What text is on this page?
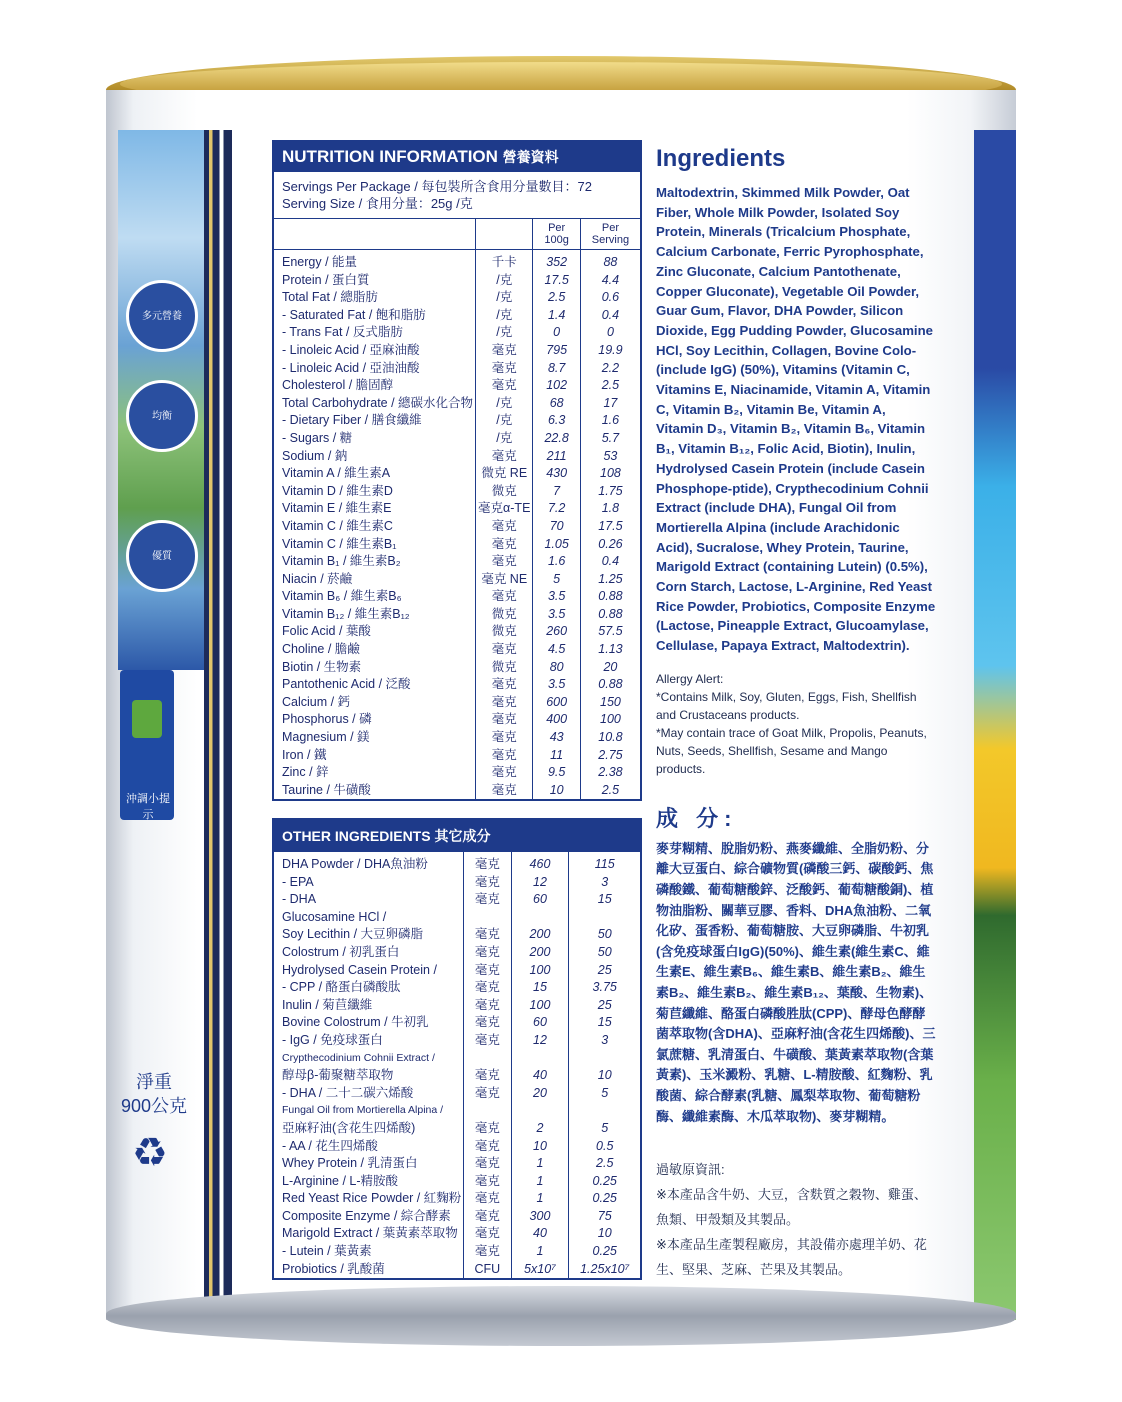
多元營養
均衡
優質
沖調小提示
淨重
900公克
♻
NUTRITION INFORMATION 營養資料
Servings Per Package / 每包裝所含食用分量數目：72
Serving Size / 食用分量：25g /克
		Per 100g	Per Serving
Energy / 能量	千卡	352	88
Protein / 蛋白質	/克	17.5	4.4
Total Fat / 總脂肪	/克	2.5	0.6
- Saturated Fat / 飽和脂肪	/克	1.4	0.4
- Trans Fat / 反式脂肪	/克	0	0
- Linoleic Acid / 亞麻油酸	毫克	795	19.9
- Linoleic Acid / 亞油油酸	毫克	8.7	2.2
Cholesterol / 膽固醇	毫克	102	2.5
Total Carbohydrate / 總碳水化合物	/克	68	17
- Dietary Fiber / 膳食纖維	/克	6.3	1.6
- Sugars / 糖	/克	22.8	5.7
Sodium / 鈉	毫克	211	53
Vitamin A / 維生素A	微克 RE	430	108
Vitamin D / 維生素D	微克	7	1.75
Vitamin E / 維生素E	毫克α-TE	7.2	1.8
Vitamin C / 維生素C	毫克	70	17.5
Vitamin C / 維生素B₁	毫克	1.05	0.26
Vitamin B₁ / 維生素B₂	毫克	1.6	0.4
Niacin / 菸鹼	毫克 NE	5	1.25
Vitamin B₆ / 維生素B₆	毫克	3.5	0.88
Vitamin B₁₂ / 維生素B₁₂	微克	3.5	0.88
Folic Acid / 葉酸	微克	260	57.5
Choline / 膽鹼	毫克	4.5	1.13
Biotin / 生物素	微克	80	20
Pantothenic Acid / 泛酸	毫克	3.5	0.88
Calcium / 鈣	毫克	600	150
Phosphorus / 磷	毫克	400	100
Magnesium / 鎂	毫克	43	10.8
Iron / 鐵	毫克	11	2.75
Zinc / 鋅	毫克	9.5	2.38
Taurine / 牛磺酸	毫克	10	2.5
OTHER INGREDIENTS 其它成分
DHA Powder / DHA魚油粉	毫克	460	115
- EPA	毫克	12	3
- DHA	毫克	60	15
Glucosamine HCl /			
Soy Lecithin / 大豆卵磷脂	毫克	200	50
Colostrum / 初乳蛋白	毫克	200	50
Hydrolysed Casein Protein /	毫克	100	25
- CPP / 酪蛋白磷酸肽	毫克	15	3.75
Inulin / 菊苣纖維	毫克	100	25
Bovine Colostrum / 牛初乳	毫克	60	15
- IgG / 免疫球蛋白	毫克	12	3
Crypthecodinium Cohnii Extract /			
醇母β-葡聚糖萃取物	毫克	40	10
- DHA / 二十二碳六烯酸	毫克	20	5
Fungal Oil from Mortierella Alpina /			
亞麻籽油(含花生四烯酸)	毫克	2	5
- AA / 花生四烯酸	毫克	10	0.5
Whey Protein / 乳清蛋白	毫克	1	2.5
L-Arginine / L-精胺酸	毫克	1	0.25
Red Yeast Rice Powder / 紅麴粉	毫克	1	0.25
Composite Enzyme / 綜合酵素	毫克	300	75
Marigold Extract / 葉黃素萃取物	毫克	40	10
- Lutein / 葉黃素	毫克	1	0.25
Probiotics / 乳酸菌	CFU	5x10⁷	1.25x10⁷
Ingredients
Maltodextrin, Skimmed Milk Powder, Oat Fiber, Whole Milk Powder, Isolated Soy Protein, Minerals (Tricalcium Phosphate, Calcium Carbonate, Ferric Pyrophosphate, Zinc Gluconate, Calcium Pantothenate, Copper Gluconate), Vegetable Oil Powder, Guar Gum, Flavor, DHA Powder, Silicon Dioxide, Egg Pudding Powder, Glucosamine HCl, Soy Lecithin, Collagen, Bovine Colo-(include IgG) (50%), Vitamins (Vitamin C, Vitamins E, Niacinamide, Vitamin A, Vitamin C, Vitamin B₂, Vitamin Be, Vitamin A, Vitamin D₃, Vitamin B₂, Vitamin B₆, Vitamin B₁, Vitamin B₁₂, Folic Acid, Biotin), Inulin, Hydrolysed Casein Protein (include Casein Phosphope-ptide), Crypthecodinium Cohnii Extract (include DHA), Fungal Oil from Mortierella Alpina (include Arachidonic Acid), Sucralose, Whey Protein, Taurine, Marigold Extract (containing Lutein) (0.5%), Corn Starch, Lactose, L-Arginine, Red Yeast Rice Powder, Probiotics, Composite Enzyme (Lactose, Pineapple Extract, Glucoamylase, Cellulase, Papaya Extract, Maltodextrin).
Allergy Alert:
*Contains Milk, Soy, Gluten, Eggs, Fish, Shellfish and Crustaceans products.
*May contain trace of Goat Milk, Propolis, Peanuts, Nuts, Seeds, Shellfish, Sesame and Mango products.
成 分:
麥芽糊精、脫脂奶粉、燕麥纖維、全脂奶粉、分離大豆蛋白、綜合礦物質(磷酸三鈣、碳酸鈣、焦磷酸鐵、葡萄糖酸鋅、泛酸鈣、葡萄糖酸銅)、植物油脂粉、關華豆膠、香料、DHA魚油粉、二氧化矽、蛋香粉、葡萄糖胺、大豆卵磷脂、牛初乳(含免疫球蛋白IgG)(50%)、維生素(維生素C、維生素E、維生素B₆、維生素B、維生素B₂、維生素B₂、維生素B₂、維生素B₁₂、葉酸、生物素)、菊苣纖維、酪蛋白磷酸胜肽(CPP)、酵母色酵酵菌萃取物(含DHA)、亞麻籽油(含花生四烯酸)、三氯蔗糖、乳清蛋白、牛磺酸、葉黃素萃取物(含葉黃素)、玉米澱粉、乳糖、L-精胺酸、紅麴粉、乳酸菌、綜合酵素(乳糖、鳳梨萃取物、葡萄糖粉酶、纖維素酶、木瓜萃取物)、麥芽糊精。
過敏原資訊:
※本產品含牛奶、大豆，含麩質之穀物、雞蛋、魚類、甲殼類及其製品。
※本產品生產製程廠房，其設備亦處理羊奶、花生、堅果、芝麻、芒果及其製品。
